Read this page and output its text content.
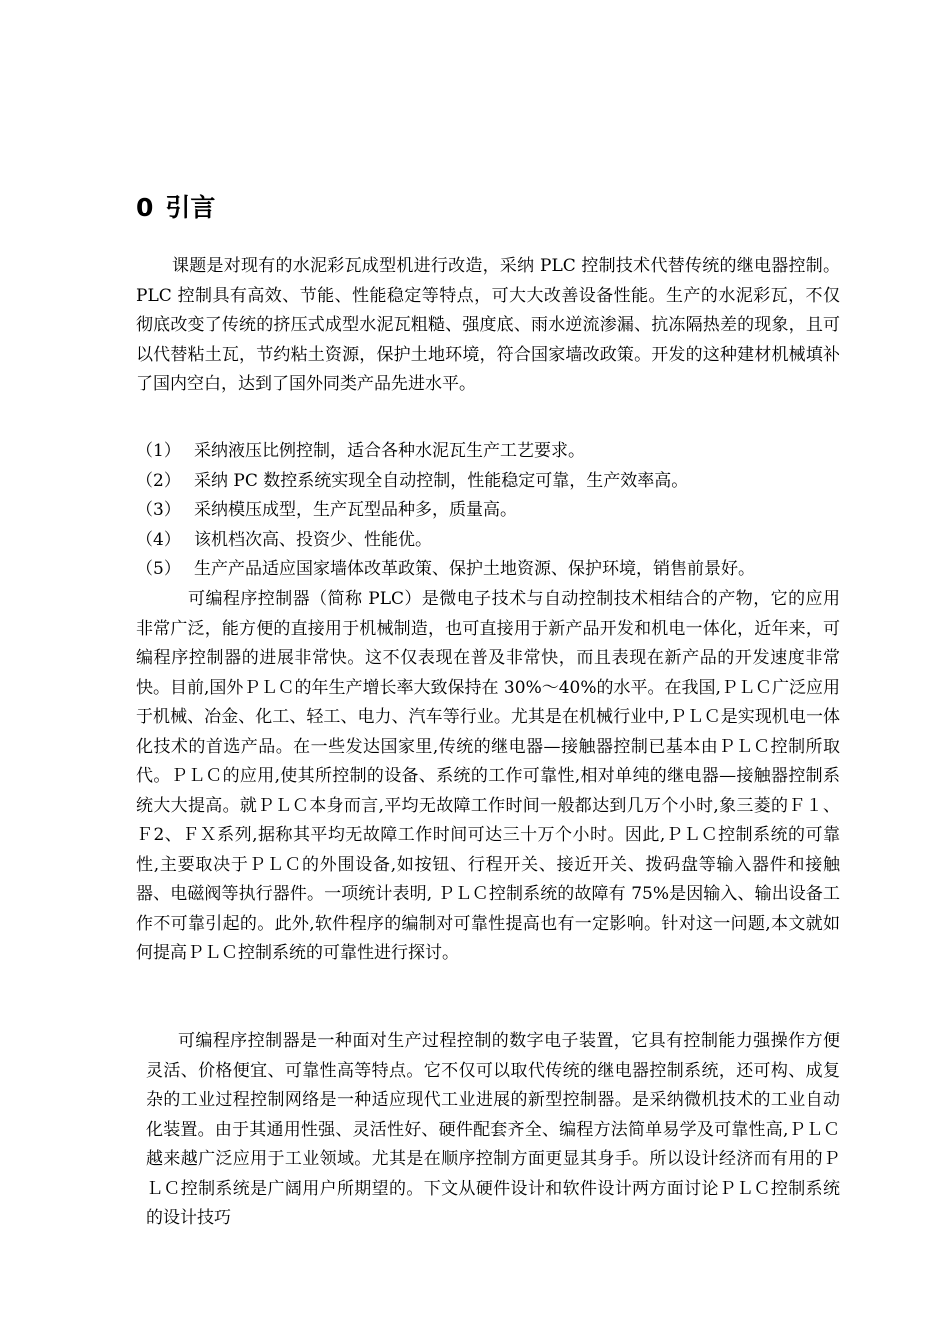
0 引言

课题是对现有的水泥彩瓦成型机进行改造，采纳 PLC 控制技术代替传统的继电器控制。PLC 控制具有高效、节能、性能稳定等特点，可大大改善设备性能。生产的水泥彩瓦，不仅彻底改变了传统的挤压式成型水泥瓦粗糙、强度底、雨水逆流渗漏、抗冻隔热差的现象，且可以代替粘土瓦，节约粘土资源，保护土地环境，符合国家墙改政策。开发的这种建材机械填补了国内空白，达到了国外同类产品先进水平。

（1） 采纳液压比例控制，适合各种水泥瓦生产工艺要求。
（2） 采纳 PC 数控系统实现全自动控制，性能稳定可靠，生产效率高。
（3） 采纳模压成型，生产瓦型品种多，质量高。
（4） 该机档次高、投资少、性能优。
（5） 生产产品适应国家墙体改革政策、保护土地资源、保护环境，销售前景好。

可编程序控制器（简称 PLC）是微电子技术与自动控制技术相结合的产物，它的应用非常广泛，能方便的直接用于机械制造，也可直接用于新产品开发和机电一体化，近年来，可编程序控制器的进展非常快。这不仅表现在普及非常快，而且表现在新产品的开发速度非常快。目前,国外ＰＬＣ的年生产增长率大致保持在 30%～40%的水平。在我国,ＰＬＣ广泛应用于机械、冶金、化工、轻工、电力、汽车等行业。尤其是在机械行业中,ＰＬＣ是实现机电一体化技术的首选产品。在一些发达国家里,传统的继电器—接触器控制已基本由ＰＬＣ控制所取代。ＰＬＣ的应用,使其所控制的设备、系统的工作可靠性,相对单纯的继电器—接触器控制系统大大提高。就ＰＬＣ本身而言,平均无故障工作时间一般都达到几万个小时,象三菱的Ｆ１、Ｆ2、ＦＸ系列,据称其平均无故障工作时间可达三十万个小时。因此,ＰＬＣ控制系统的可靠性,主要取决于ＰＬＣ的外围设备,如按钮、行程开关、接近开关、拨码盘等输入器件和接触器、电磁阀等执行器件。一项统计表明, ＰＬＣ控制系统的故障有 75%是因输入、输出设备工作不可靠引起的。此外,软件程序的编制对可靠性提高也有一定影响。针对这一问题,本文就如何提高ＰＬＣ控制系统的可靠性进行探讨。

可编程序控制器是一种面对生产过程控制的数字电子装置，它具有控制能力强操作方便灵活、价格便宜、可靠性高等特点。它不仅可以取代传统的继电器控制系统，还可构、成复杂的工业过程控制网络是一种适应现代工业进展的新型控制器。是采纳微机技术的工业自动化装置。由于其通用性强、灵活性好、硬件配套齐全、编程方法简单易学及可靠性高,ＰＬＣ越来越广泛应用于工业领域。尤其是在顺序控制方面更显其身手。所以设计经济而有用的ＰＬＣ控制系统是广阔用户所期望的。下文从硬件设计和软件设计两方面讨论ＰＬＣ控制系统的设计技巧
